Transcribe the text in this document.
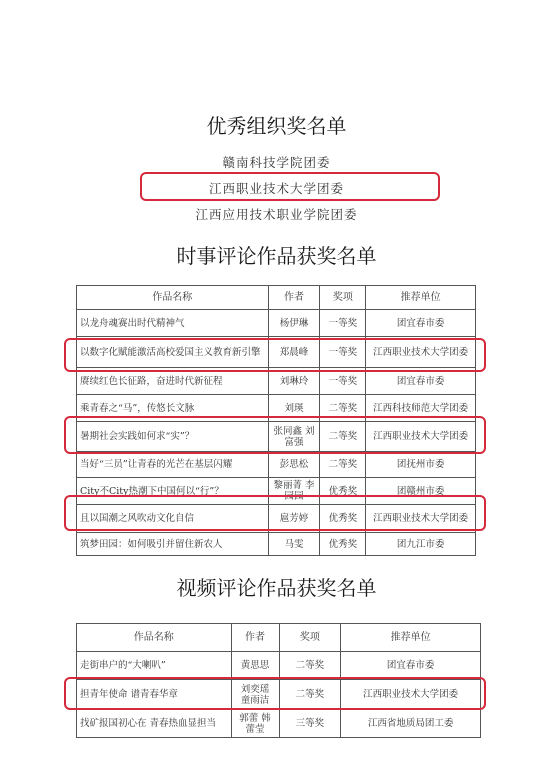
优秀组织奖名单
赣南科技学院团委
江西职业技术大学团委
江西应用技术职业学院团委
时事评论作品获奖名单
作品名称	作者	奖项	推荐单位
以龙舟魂赛出时代精神气	杨伊琳	一等奖	团宜春市委
以数字化赋能激活高校爱国主义教育新引擎	郑晨峰	一等奖	江西职业技术大学团委
赓续红色长征路，奋进时代新征程	刘琳玲	一等奖	团宜春市委
乘青春之“马”，传悠长文脉	刘瑛	二等奖	江西科技师范大学团委
暑期社会实践如何求“实”？	张同鑫 刘富强	二等奖	江西职业技术大学团委
当好“三员”让青春的光芒在基层闪耀	彭思松	二等奖	团抚州市委
City不City热潮下中国何以“行”？	黎丽菁 李园园	优秀奖	团赣州市委
且以国潮之风吹动文化自信	扈芳婷	优秀奖	江西职业技术大学团委
筑梦田园：如何吸引并留住新农人	马雯	优秀奖	团九江市委
视频评论作品获奖名单
作品名称	作者	奖项	推荐单位
走街串户的“大喇叭”	黄思思	二等奖	团宜春市委
担青年使命 谱青春华章	刘奕瑶 童雨洁	二等奖	江西职业技术大学团委
找矿报国初心在 青春热血显担当	郭蕾 韩蕾莹	三等奖	江西省地质局团工委
